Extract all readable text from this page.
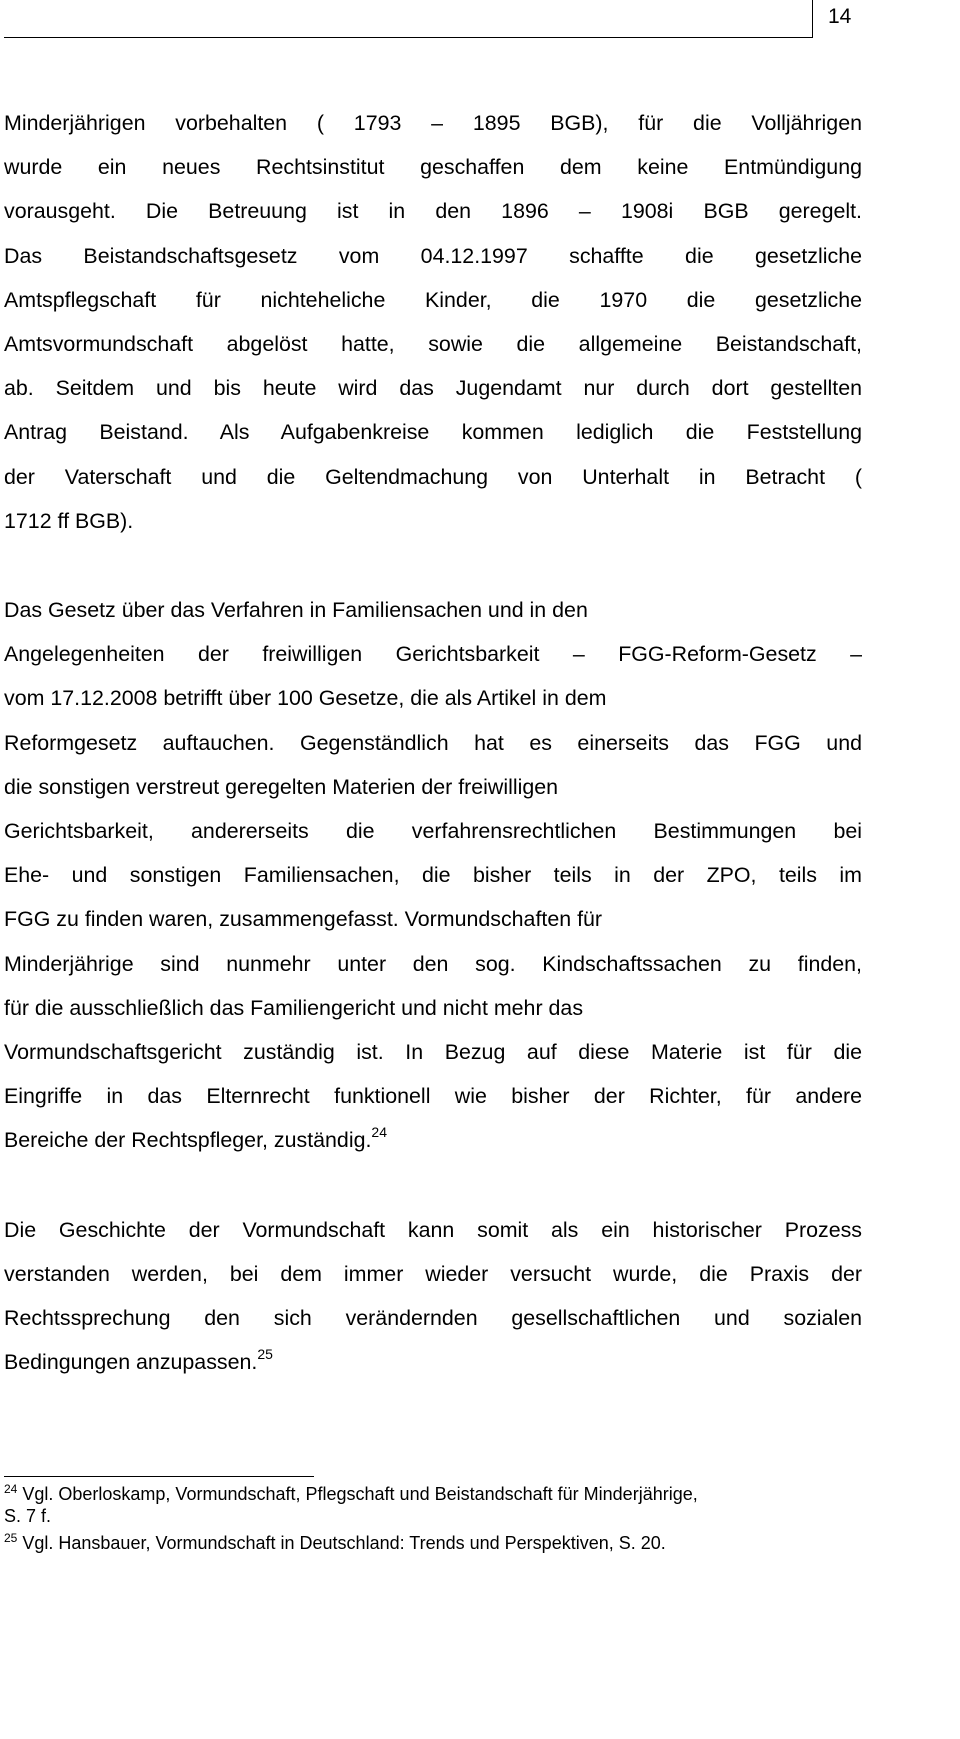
14

Minderjährigen vorbehalten ( 1793 – 1895 BGB), für die Volljährigen
wurde ein neues Rechtsinstitut geschaffen dem keine Entmündigung
vorausgeht. Die Betreuung ist in den 1896 – 1908i BGB geregelt.
Das Beistandschaftsgesetz vom 04.12.1997 schaffte die gesetzliche
Amtspflegschaft für nichteheliche Kinder, die 1970 die gesetzliche
Amtsvormundschaft abgelöst hatte, sowie die allgemeine Beistandschaft,
ab. Seitdem und bis heute wird das Jugendamt nur durch dort gestellten
Antrag Beistand. Als Aufgabenkreise kommen lediglich die Feststellung
der Vaterschaft und die Geltendmachung von Unterhalt in Betracht (
1712 ff BGB).

Das Gesetz über das Verfahren in Familiensachen und in den
Angelegenheiten der freiwilligen Gerichtsbarkeit – FGG-Reform-Gesetz –
vom 17.12.2008 betrifft über 100 Gesetze, die als Artikel in dem
Reformgesetz auftauchen. Gegenständlich hat es einerseits das FGG und
die sonstigen verstreut geregelten Materien der freiwilligen
Gerichtsbarkeit, andererseits die verfahrensrechtlichen Bestimmungen bei
Ehe- und sonstigen Familiensachen, die bisher teils in der ZPO, teils im
FGG zu finden waren, zusammengefasst. Vormundschaften für
Minderjährige sind nunmehr unter den sog. Kindschaftssachen zu finden,
für die ausschließlich das Familiengericht und nicht mehr das
Vormundschaftsgericht zuständig ist. In Bezug auf diese Materie ist für die
Eingriffe in das Elternrecht funktionell wie bisher der Richter, für andere
Bereiche der Rechtspfleger, zuständig.$^{24}$

Die Geschichte der Vormundschaft kann somit als ein historischer Prozess
verstanden werden, bei dem immer wieder versucht wurde, die Praxis der
Rechtssprechung den sich verändernden gesellschaftlichen und sozialen
Bedingungen anzupassen.$^{25}$

$^{24}$ Vgl. Oberloskamp, Vormundschaft, Pflegschaft und Beistandschaft für Minderjährige,
S. 7 f.

$^{25}$ Vgl. Hansbauer, Vormundschaft in Deutschland: Trends und Perspektiven, S. 20.
